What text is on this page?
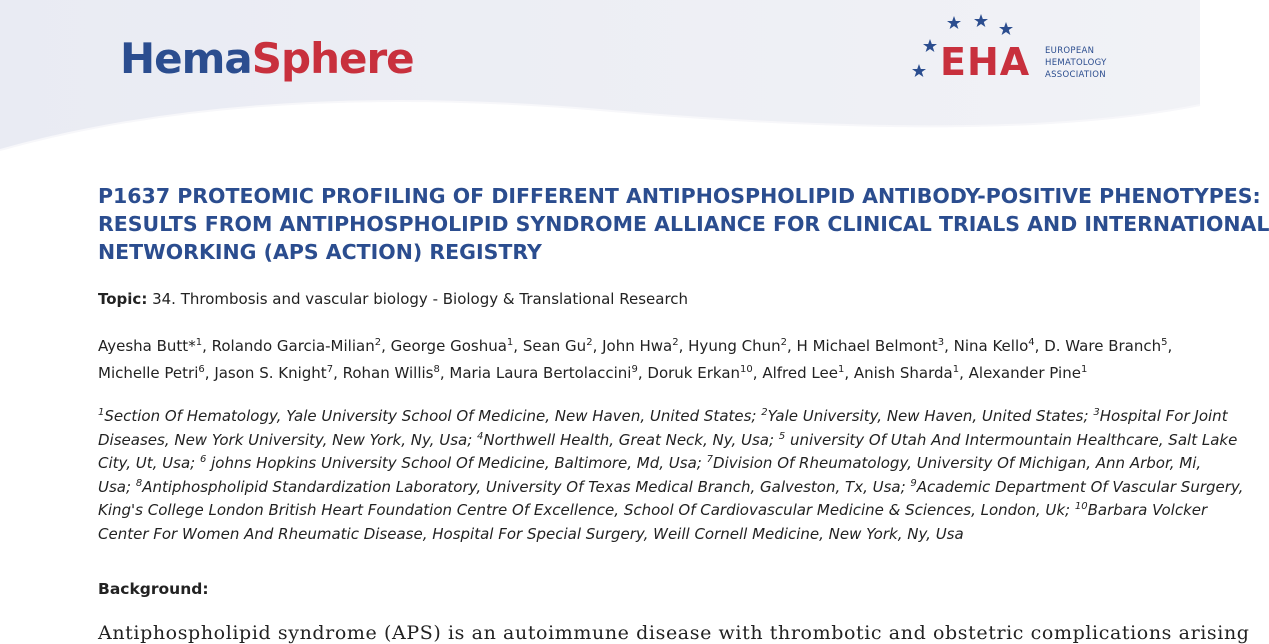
HemaSphere	EHA EUROPEAN
HEMATOLOGY
ASSOCIATION
P1637 PROTEOMIC PROFILING OF DIFFERENT ANTIPHOSPHOLIPID ANTIBODY-POSITIVE PHENOTYPES:
RESULTS FROM ANTIPHOSPHOLIPID SYNDROME ALLIANCE FOR CLINICAL TRIALS AND INTERNATIONAL
NETWORKING (APS ACTION) REGISTRY
Topic: 34. Thrombosis and vascular biology - Biology & Translational Research
Ayesha Butt*$^1$, Rolando Garcia-Milian$^2$, George Goshua$^1$, Sean Gu$^2$, John Hwa$^2$, Hyung Chun$^2$, H Michael Belmont$^3$, Nina Kello$^4$, D. Ware Branch$^5$,
Michelle Petri$^6$, Jason S. Knight$^7$, Rohan Willis$^8$, Maria Laura Bertolaccini$^9$, Doruk Erkan$^{10}$, Alfred Lee$^1$, Anish Sharda$^1$, Alexander Pine$^1$
$^1$Section Of Hematology, Yale University School Of Medicine, New Haven, United States; $^2$Yale University, New Haven, United States; $^3$Hospital For Joint
Diseases, New York University, New York, Ny, Usa; $^4$Northwell Health, Great Neck, Ny, Usa; $^5$ university Of Utah And Intermountain Healthcare, Salt Lake
City, Ut, Usa; $^6$ johns Hopkins University School Of Medicine, Baltimore, Md, Usa; $^7$Division Of Rheumatology, University Of Michigan, Ann Arbor, Mi,
Usa; $^8$Antiphospholipid Standardization Laboratory, University Of Texas Medical Branch, Galveston, Tx, Usa; $^9$Academic Department Of Vascular Surgery,
King's College London British Heart Foundation Centre Of Excellence, School Of Cardiovascular Medicine & Sciences, London, Uk; $^{10}$Barbara Volcker
Center For Women And Rheumatic Disease, Hospital For Special Surgery, Weill Cornell Medicine, New York, Ny, Usa
Background:
Antiphospholipid syndrome (APS) is an autoimmune disease with thrombotic and obstetric complications arising
